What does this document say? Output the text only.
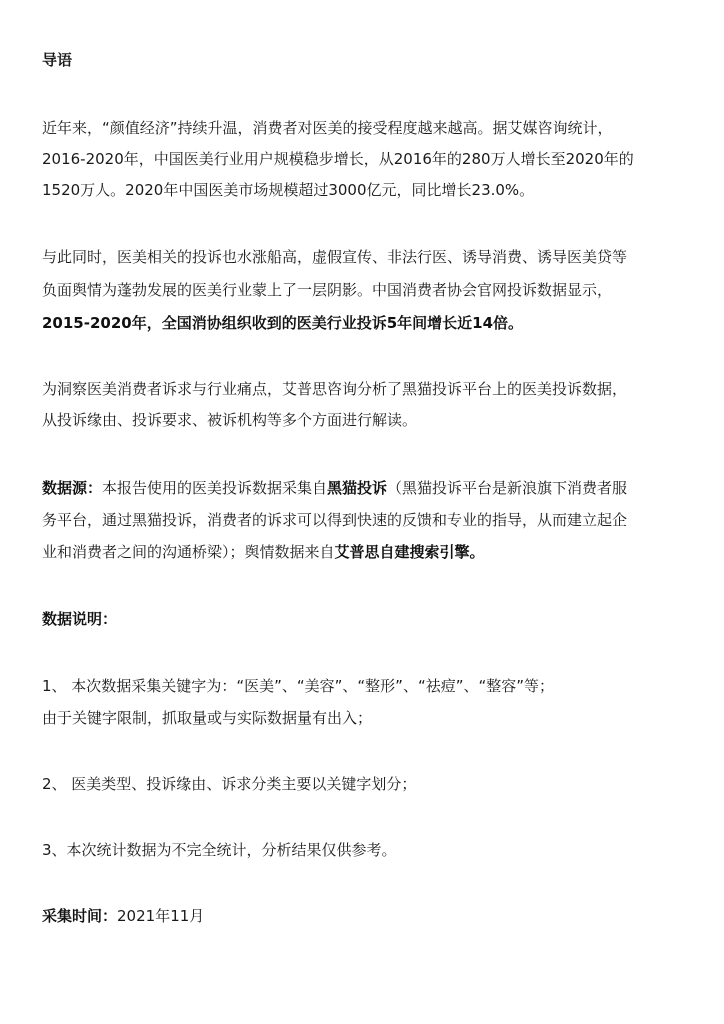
导语
近年来，“颜值经济”持续升温，消费者对医美的接受程度越来越高。据艾媒咨询统计，
2016-2020年，中国医美行业用户规模稳步增长，从2016年的280万人增长至2020年的
1520万人。2020年中国医美市场规模超过3000亿元，同比增长23.0%。
与此同时，医美相关的投诉也水涨船高，虚假宣传、非法行医、诱导消费、诱导医美贷等
负面舆情为蓬勃发展的医美行业蒙上了一层阴影。中国消费者协会官网投诉数据显示，
2015-2020年，全国消协组织收到的医美行业投诉5年间增长近14倍。
为洞察医美消费者诉求与行业痛点，艾普思咨询分析了黑猫投诉平台上的医美投诉数据，
从投诉缘由、投诉要求、被诉机构等多个方面进行解读。
数据源：本报告使用的医美投诉数据采集自黑猫投诉（黑猫投诉平台是新浪旗下消费者服
务平台，通过黑猫投诉，消费者的诉求可以得到快速的反馈和专业的指导，从而建立起企
业和消费者之间的沟通桥梁）；舆情数据来自艾普思自建搜索引擎。
数据说明：
1、 本次数据采集关键字为：“医美”、“美容”、“整形”、“祛痘”、“整容”等；
由于关键字限制，抓取量或与实际数据量有出入；
2、 医美类型、投诉缘由、诉求分类主要以关键字划分；
3、本次统计数据为不完全统计，分析结果仅供参考。
采集时间：2021年11月
